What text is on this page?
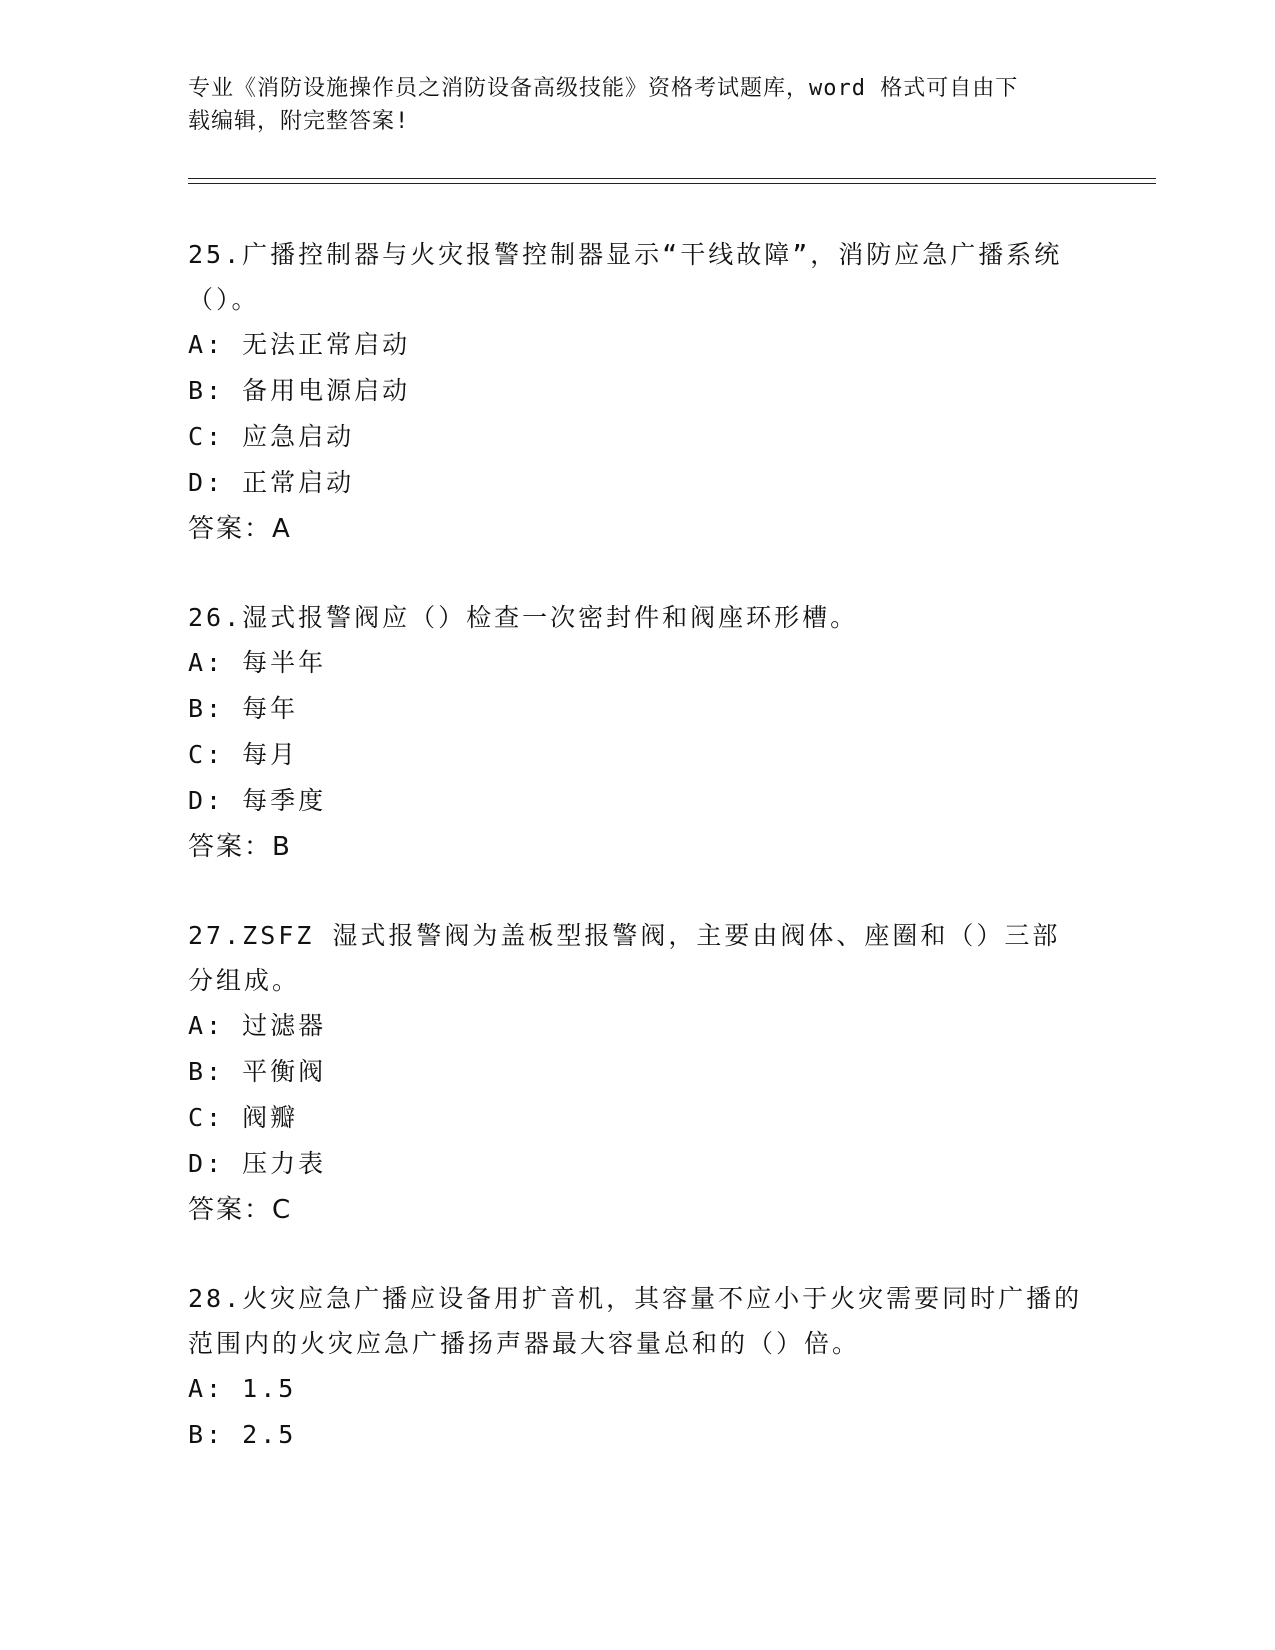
专业《消防设施操作员之消防设备高级技能》资格考试题库，word 格式可自由下
载编辑，附完整答案!
25.广播控制器与火灾报警控制器显示“干线故障”，消防应急广播系统（）。
A: 无法正常启动
B: 备用电源启动
C: 应急启动
D: 正常启动
答案：A
26.湿式报警阀应（）检查一次密封件和阀座环形槽。
A: 每半年
B: 每年
C: 每月
D: 每季度
答案：B
27.ZSFZ 湿式报警阀为盖板型报警阀，主要由阀体、座圈和（）三部分组成。
A: 过滤器
B: 平衡阀
C: 阀瓣
D: 压力表
答案：C
28.火灾应急广播应设备用扩音机，其容量不应小于火灾需要同时广播的范围内的火灾应急广播扬声器最大容量总和的（）倍。
A: 1.5
B: 2.5
